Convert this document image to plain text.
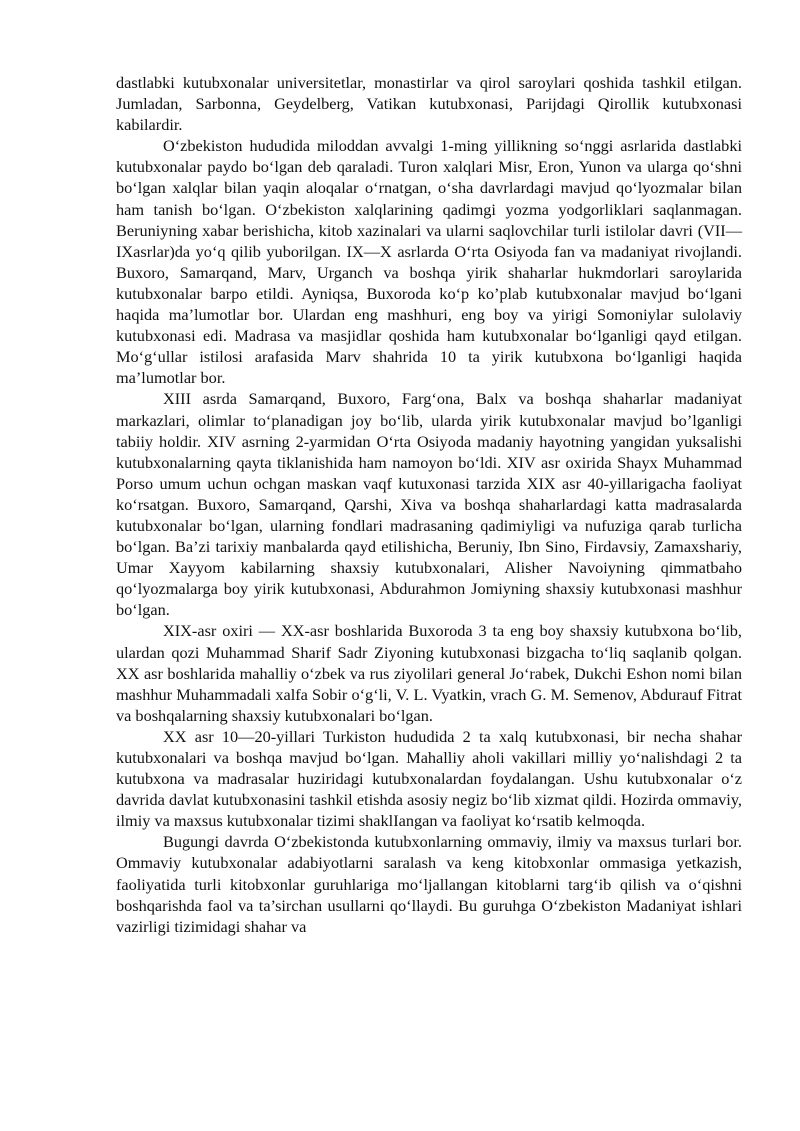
dastlabki kutubxonalar universitetlar, monastirlar va qirol saroylari qoshida tashkil etilgan. Jumladan, Sarbonna, Geydelberg, Vatikan kutubxonasi, Parijdagi Qirollik kutubxonasi kabilardir.

O‘zbekiston hududida miloddan avvalgi 1-ming yillikning so‘nggi asrlarida dastlabki kutubxonalar paydo bo‘lgan deb qaraladi. Turon xalqlari Misr, Eron, Yunon va ularga qo‘shni bo‘lgan xalqlar bilan yaqin aloqalar o‘rnatgan, o‘sha davrlardagi mavjud qo‘lyozmalar bilan ham tanish bo‘lgan. O‘zbekiston xalqlarining qadimgi yozma yodgorliklari saqlanmagan. Beruniyning xabar berishicha, kitob xazinalari va ularni saqlovchilar turli istilolar davri (VII—IXasrlar)da yo‘q qilib yuborilgan. IX—X asrlarda O‘rta Osiyoda fan va madaniyat rivojlandi. Buxoro, Samarqand, Marv, Urganch va boshqa yirik shaharlar hukmdorlari saroylarida kutubxonalar barpo etildi. Ayniqsa, Buxoroda ko‘p ko’plab kutubxonalar mavjud bo‘lgani haqida ma’lumotlar bor. Ulardan eng mashhuri, eng boy va yirigi Somoniylar sulolaviy kutubxonasi edi. Madrasa va masjidlar qoshida ham kutubxonalar bo‘lganligi qayd etilgan. Mo‘g‘ullar istilosi arafasida Marv shahrida 10 ta yirik kutubxona bo‘lganligi haqida ma’lumotlar bor.

XIII asrda Samarqand, Buxoro, Farg‘ona, Balx va boshqa shaharlar madaniyat markazlari, olimlar to‘planadigan joy bo‘lib, ularda yirik kutubxonalar mavjud bo’lganligi tabiiy holdir. XIV asrning 2-yarmidan O‘rta Osiyoda madaniy hayotning yangidan yuksalishi kutubxonalarning qayta tiklanishida ham namoyon bo‘ldi. XIV asr oxirida Shayx Muhammad Porso umum uchun ochgan maskan vaqf kutuxonasi tarzida XIX asr 40-yillarigacha faoliyat ko‘rsatgan. Buxoro, Samarqand, Qarshi, Xiva va boshqa shaharlardagi katta madrasalarda kutubxonalar bo‘lgan, ularning fondlari madrasaning qadimiyligi va nufuziga qarab turlicha bo‘lgan. Ba’zi tarixiy manbalarda qayd etilishicha, Beruniy, Ibn Sino, Firdavsiy, Zamaxshariy, Umar Xayyom kabilarning shaxsiy kutubxonalari, Alisher Navoiyning qimmatbaho qo‘lyozmalarga boy yirik kutubxonasi, Abdurahmon Jomiyning shaxsiy kutubxonasi mashhur bo‘lgan.

XIX-asr oxiri — XX-asr boshlarida Buxoroda 3 ta eng boy shaxsiy kutubxona bo‘lib, ulardan qozi Muhammad Sharif Sadr Ziyoning kutubxonasi bizgacha to‘liq saqlanib qolgan. XX asr boshlarida mahalliy o‘zbek va rus ziyolilari general Jo‘rabek, Dukchi Eshon nomi bilan mashhur Muhammadali xalfa Sobir o‘g‘li, V. L. Vyatkin, vrach G. M. Semenov, Abdurauf Fitrat va boshqalarning shaxsiy kutubxonalari bo‘lgan.

XX asr 10—20-yillari Turkiston hududida 2 ta xalq kutubxonasi, bir necha shahar kutubxonalari va boshqa mavjud bo‘lgan. Mahalliy aholi vakillari milliy yo‘nalishdagi 2 ta kutubxona va madrasalar huziridagi kutubxonalardan foydalangan. Ushu kutubxonalar o‘z davrida davlat kutubxonasini tashkil etishda asosiy negiz bo‘lib xizmat qildi. Hozirda ommaviy, ilmiy va maxsus kutubxonalar tizimi shaklIangan va faoliyat ko‘rsatib kelmoqda.

Bugungi davrda O‘zbekistonda kutubxonlarning ommaviy, ilmiy va maxsus turlari bor. Ommaviy kutubxonalar adabiyotlarni saralash va keng kitobxonlar ommasiga yetkazish, faoliyatida turli kitobxonlar guruhlariga mo‘ljallangan kitoblarni targ‘ib qilish va o‘qishni boshqarishda faol va ta’sirchan usullarni qo‘llaydi. Bu guruhga O‘zbekiston Madaniyat ishlari vazirligi tizimidagi shahar va
